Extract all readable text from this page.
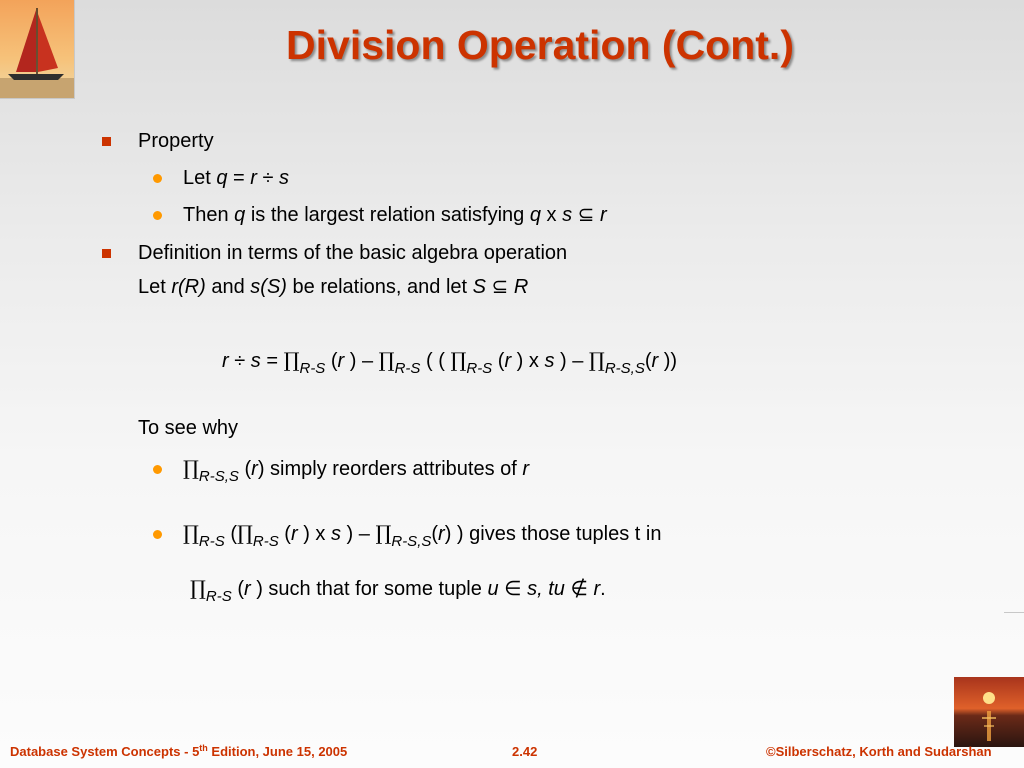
Division Operation (Cont.)
Property
Let q = r ÷ s
Then q is the largest relation satisfying q x s ⊆ r
Definition in terms of the basic algebra operation
Let r(R) and s(S) be relations, and let S ⊆ R
$r \div s = \prod_{R-S}$ (r ) – $\prod_{R-S}$ ( ( $\prod_{R-S}$ (r ) x s ) – $\prod_{R-S,S}(r$ ))
To see why
$\prod_{R-S,S}$ (r) simply reorders attributes of r
$\prod_{R-S}$ ($\prod_{R-S}$ (r ) x s ) – $\prod_{R-S,S}(r)$ ) gives those tuples t in
$\prod_{R-S}$ (r ) such that for some tuple u ∈ s, tu ∉ r.
Database System Concepts - 5th Edition, June 15, 2005	2.42	©Silberschatz, Korth and Sudarshan
